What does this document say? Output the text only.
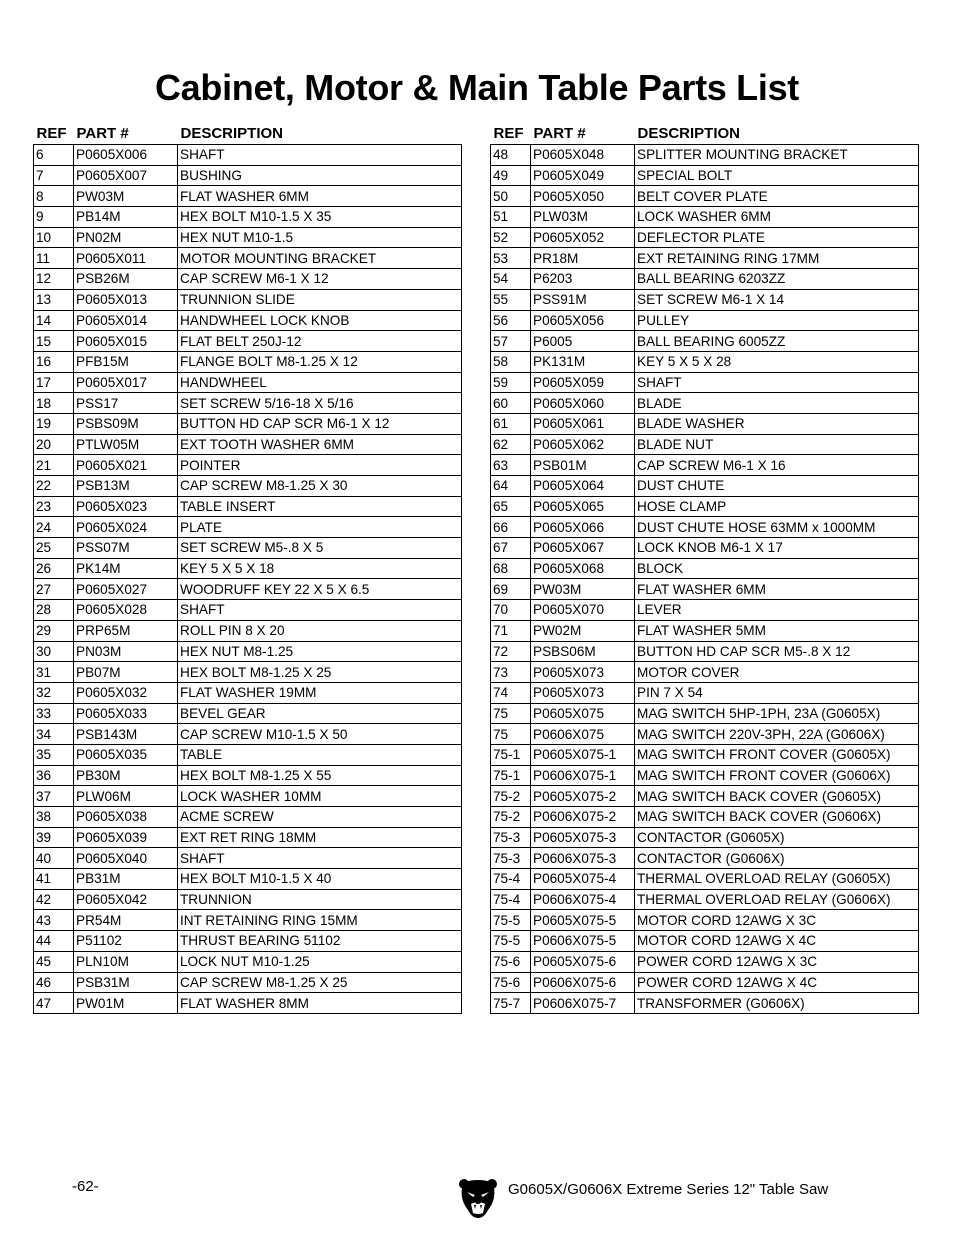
Cabinet, Motor & Main Table Parts List
REF	PART #	DESCRIPTION
6	P0605X006	SHAFT
7	P0605X007	BUSHING
8	PW03M	FLAT WASHER 6MM
9	PB14M	HEX BOLT M10-1.5 X 35
10	PN02M	HEX NUT M10-1.5
11	P0605X011	MOTOR MOUNTING BRACKET
12	PSB26M	CAP SCREW M6-1 X 12
13	P0605X013	TRUNNION SLIDE
14	P0605X014	HANDWHEEL LOCK KNOB
15	P0605X015	FLAT BELT 250J-12
16	PFB15M	FLANGE BOLT M8-1.25 X 12
17	P0605X017	HANDWHEEL
18	PSS17	SET SCREW 5/16-18 X 5/16
19	PSBS09M	BUTTON HD CAP SCR M6-1 X 12
20	PTLW05M	EXT TOOTH WASHER 6MM
21	P0605X021	POINTER
22	PSB13M	CAP SCREW M8-1.25 X 30
23	P0605X023	TABLE INSERT
24	P0605X024	PLATE
25	PSS07M	SET SCREW M5-.8 X 5
26	PK14M	KEY 5 X 5 X 18
27	P0605X027	WOODRUFF KEY 22 X 5 X 6.5
28	P0605X028	SHAFT
29	PRP65M	ROLL PIN 8 X 20
30	PN03M	HEX NUT M8-1.25
31	PB07M	HEX BOLT M8-1.25 X 25
32	P0605X032	FLAT WASHER 19MM
33	P0605X033	BEVEL GEAR
34	PSB143M	CAP SCREW M10-1.5 X 50
35	P0605X035	TABLE
36	PB30M	HEX BOLT M8-1.25 X 55
37	PLW06M	LOCK WASHER 10MM
38	P0605X038	ACME SCREW
39	P0605X039	EXT RET RING 18MM
40	P0605X040	SHAFT
41	PB31M	HEX BOLT M10-1.5 X 40
42	P0605X042	TRUNNION
43	PR54M	INT RETAINING RING 15MM
44	P51102	THRUST BEARING 51102
45	PLN10M	LOCK NUT M10-1.25
46	PSB31M	CAP SCREW M8-1.25 X 25
47	PW01M	FLAT WASHER 8MM
REF	PART #	DESCRIPTION
48	P0605X048	SPLITTER MOUNTING BRACKET
49	P0605X049	SPECIAL BOLT
50	P0605X050	BELT COVER PLATE
51	PLW03M	LOCK WASHER 6MM
52	P0605X052	DEFLECTOR PLATE
53	PR18M	EXT RETAINING RING 17MM
54	P6203	BALL BEARING 6203ZZ
55	PSS91M	SET SCREW M6-1 X 14
56	P0605X056	PULLEY
57	P6005	BALL BEARING 6005ZZ
58	PK131M	KEY 5 X 5 X 28
59	P0605X059	SHAFT
60	P0605X060	BLADE
61	P0605X061	BLADE WASHER
62	P0605X062	BLADE NUT
63	PSB01M	CAP SCREW M6-1 X 16
64	P0605X064	DUST CHUTE
65	P0605X065	HOSE CLAMP
66	P0605X066	DUST CHUTE HOSE 63MM x 1000MM
67	P0605X067	LOCK KNOB M6-1 X 17
68	P0605X068	BLOCK
69	PW03M	FLAT WASHER 6MM
70	P0605X070	LEVER
71	PW02M	FLAT WASHER 5MM
72	PSBS06M	BUTTON HD CAP SCR M5-.8 X 12
73	P0605X073	MOTOR COVER
74	P0605X073	PIN 7 X 54
75	P0605X075	MAG SWITCH 5HP-1PH, 23A (G0605X)
75	P0606X075	MAG SWITCH 220V-3PH, 22A (G0606X)
75-1	P0605X075-1	MAG SWITCH FRONT COVER (G0605X)
75-1	P0606X075-1	MAG SWITCH FRONT COVER (G0606X)
75-2	P0605X075-2	MAG SWITCH BACK COVER (G0605X)
75-2	P0606X075-2	MAG SWITCH BACK COVER (G0606X)
75-3	P0605X075-3	CONTACTOR (G0605X)
75-3	P0606X075-3	CONTACTOR (G0606X)
75-4	P0605X075-4	THERMAL OVERLOAD RELAY (G0605X)
75-4	P0606X075-4	THERMAL OVERLOAD RELAY (G0606X)
75-5	P0605X075-5	MOTOR CORD 12AWG X 3C
75-5	P0606X075-5	MOTOR CORD 12AWG X 4C
75-6	P0605X075-6	POWER CORD 12AWG X 3C
75-6	P0606X075-6	POWER CORD 12AWG X 4C
75-7	P0606X075-7	TRANSFORMER (G0606X)
-62-	G0605X/G0606X Extreme Series 12" Table Saw
